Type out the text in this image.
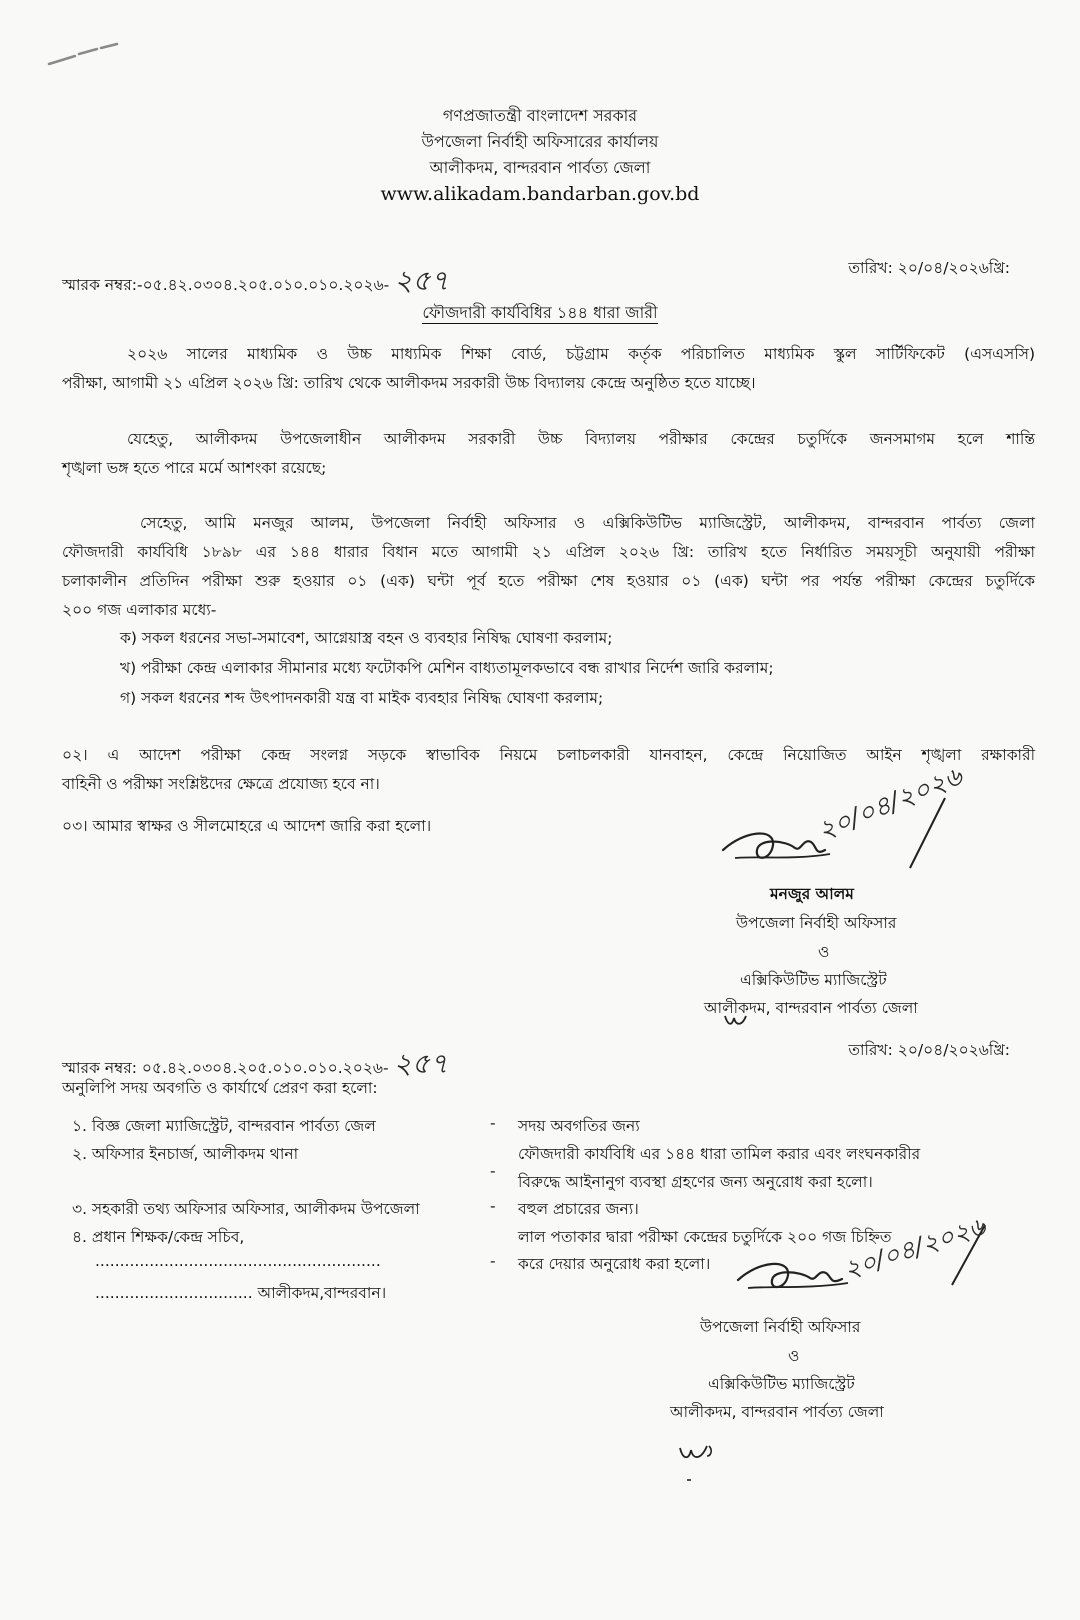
গণপ্রজাতন্ত্রী বাংলাদেশ সরকার
উপজেলা নির্বাহী অফিসারের কার্যালয়
আলীকদম, বান্দরবান পার্বত্য জেলা
www.alikadam.bandarban.gov.bd
স্মারক নম্বর:-০৫.৪২.০৩০৪.২০৫.০১০.০১০.২০২৬- ২৫৭	তারিখ: ২০/০৪/২০২৬খ্রি:
ফৌজদারী কার্যবিধির ১৪৪ ধারা জারী
২০২৬ সালের মাধ্যমিক ও উচ্চ মাধ্যমিক শিক্ষা বোর্ড, চট্টগ্রাম কর্তৃক পরিচালিত মাধ্যমিক স্কুল সার্টিফিকেট (এসএসসি)
পরীক্ষা, আগামী ২১ এপ্রিল ২০২৬ খ্রি: তারিখ থেকে আলীকদম সরকারী উচ্চ বিদ্যালয় কেন্দ্রে অনুষ্ঠিত হতে যাচ্ছে।
যেহেতু, আলীকদম উপজেলাধীন আলীকদম সরকারী উচ্চ বিদ্যালয় পরীক্ষার কেন্দ্রের চতুর্দিকে জনসমাগম হলে শান্তি
শৃঙ্খলা ভঙ্গ হতে পারে মর্মে আশংকা রয়েছে;
সেহেতু, আমি মনজুর আলম, উপজেলা নির্বাহী অফিসার ও এক্সিকিউটিভ ম্যাজিস্ট্রেট, আলীকদম, বান্দরবান পার্বত্য জেলা
ফৌজদারী কার্যবিধি ১৮৯৮ এর ১৪৪ ধারার বিধান মতে আগামী ২১ এপ্রিল ২০২৬ খ্রি: তারিখ হতে নির্ধারিত সময়সূচী অনুযায়ী পরীক্ষা
চলাকালীন প্রতিদিন পরীক্ষা শুরু হওয়ার ০১ (এক) ঘন্টা পূর্ব হতে পরীক্ষা শেষ হওয়ার ০১ (এক) ঘন্টা পর পর্যন্ত পরীক্ষা কেন্দ্রের চতুর্দিকে
২০০ গজ এলাকার মধ্যে-
ক) সকল ধরনের সভা-সমাবেশ, আগ্নেয়াস্ত্র বহন ও ব্যবহার নিষিদ্ধ ঘোষণা করলাম;
খ) পরীক্ষা কেন্দ্র এলাকার সীমানার মধ্যে ফটোকপি মেশিন বাধ্যতামূলকভাবে বন্ধ রাখার নির্দেশ জারি করলাম;
গ) সকল ধরনের শব্দ উৎপাদনকারী যন্ত্র বা মাইক ব্যবহার নিষিদ্ধ ঘোষণা করলাম;
০২। এ আদেশ পরীক্ষা কেন্দ্র সংলগ্ন সড়কে স্বাভাবিক নিয়মে চলাচলকারী যানবাহন, কেন্দ্রে নিয়োজিত আইন শৃঙ্খলা রক্ষাকারী
বাহিনী ও পরীক্ষা সংশ্লিষ্টদের ক্ষেত্রে প্রযোজ্য হবে না।
০৩। আমার স্বাক্ষর ও সীলমোহরে এ আদেশ জারি করা হলো।	২০/০৪/২০২৬
মনজুর আলম
উপজেলা নির্বাহী অফিসার
ও
এক্সিকিউটিভ ম্যাজিস্ট্রেট
আলীকদম, বান্দরবান পার্বত্য জেলা
স্মারক নম্বর: ০৫.৪২.০৩০৪.২০৫.০১০.০১০.২০২৬- ২৫৭	তারিখ: ২০/০৪/২০২৬খ্রি:
অনুলিপি সদয় অবগতি ও কার্যার্থে প্রেরণ করা হলো:
১. বিজ্ঞ জেলা ম্যাজিস্ট্রেট, বান্দরবান পার্বত্য জেল
২. অফিসার ইনচার্জ, আলীকদম থানা
৩. সহকারী তথ্য অফিসার অফিসার, আলীকদম উপজেলা
৪. প্রধান শিক্ষক/কেন্দ্র সচিব,
..........................................................
................................ আলীকদম,বান্দরবান।
-
-
-
-
সদয় অবগতির জন্য
ফৌজদারী কার্যবিধি এর ১৪৪ ধারা তামিল করার এবং লংঘনকারীর
বিরুদ্ধে আইনানুগ ব্যবস্থা গ্রহণের জন্য অনুরোধ করা হলো।
বহুল প্রচারের জন্য।
লাল পতাকার দ্বারা পরীক্ষা কেন্দ্রের চতুর্দিকে ২০০ গজ চিহ্নিত
করে দেয়ার অনুরোধ করা হলো।	২০/০৪/২০২৬
উপজেলা নির্বাহী অফিসার
ও
এক্সিকিউটিভ ম্যাজিস্ট্রেট
আলীকদম, বান্দরবান পার্বত্য জেলা
